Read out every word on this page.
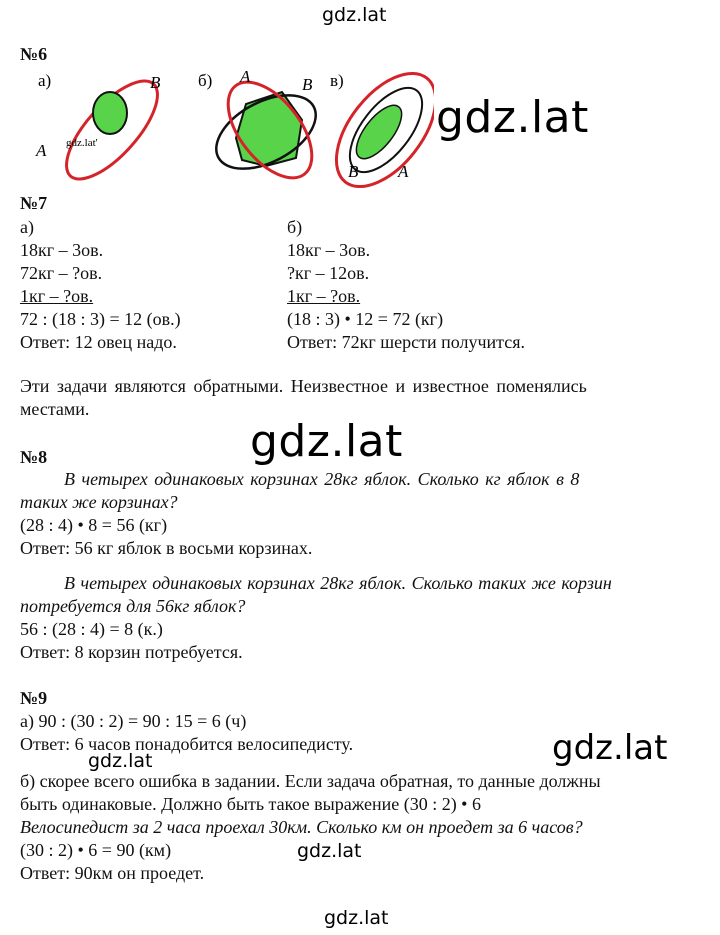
gdz.lat
gdz.lat
gdz.lat
gdz.lat
gdz.lat
gdz.lat
gdz.lat
№6
а)	B
A gdz.lat'
б) A	B в)
B A
№7
а)
18кг – 3ов.
72кг – ?ов.
1кг – ?ов.
72 : (18 : 3) = 12 (ов.)
Ответ: 12 овец надо.
б)
18кг – 3ов.
?кг – 12ов.
1кг – ?ов.
(18 : 3) • 12 = 72 (кг)
Ответ: 72кг шерсти получится.
Эти задачи являются обратными. Неизвестное и известное поменялись
местами.
№8
В четырех одинаковых корзинах 28кг яблок. Сколько кг яблок в 8
таких же корзинах?
(28 : 4) • 8 = 56 (кг)
Ответ: 56 кг яблок в восьми корзинах.
В четырех одинаковых корзинах 28кг яблок. Сколько таких же корзин
потребуется для 56кг яблок?
56 : (28 : 4) = 8 (к.)
Ответ: 8 корзин потребуется.
№9
а) 90 : (30 : 2) = 90 : 15 = 6 (ч)
Ответ: 6 часов понадобится велосипедисту.
б) скорее всего ошибка в задании. Если задача обратная, то данные должны
быть одинаковые. Должно быть такое выражение (30 : 2) • 6
Велосипедист за 2 часа проехал 30км. Сколько км он проедет за 6 часов?
(30 : 2) • 6 = 90 (км)
Ответ: 90км он проедет.
